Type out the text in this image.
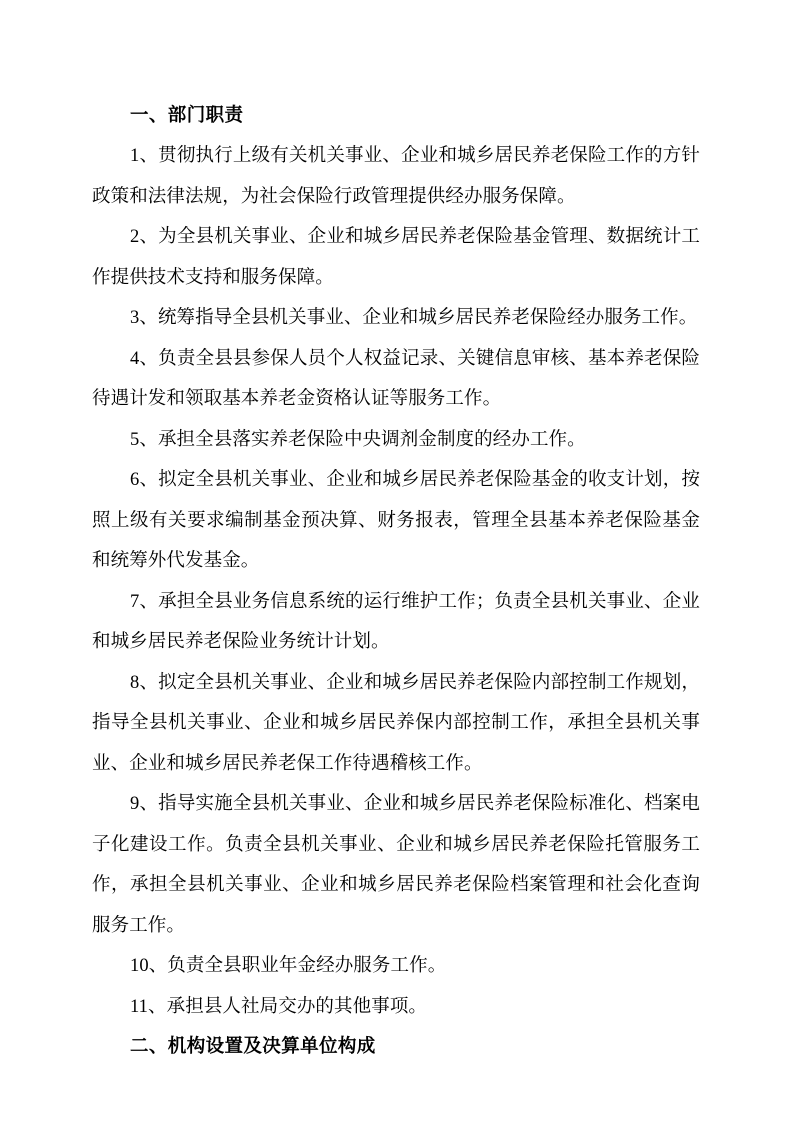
一、部门职责

1、贯彻执行上级有关机关事业、企业和城乡居民养老保险工作的方针政策和法律法规，为社会保险行政管理提供经办服务保障。

2、为全县机关事业、企业和城乡居民养老保险基金管理、数据统计工作提供技术支持和服务保障。

3、统筹指导全县机关事业、企业和城乡居民养老保险经办服务工作。

4、负责全县县参保人员个人权益记录、关键信息审核、基本养老保险待遇计发和领取基本养老金资格认证等服务工作。

5、承担全县落实养老保险中央调剂金制度的经办工作。

6、拟定全县机关事业、企业和城乡居民养老保险基金的收支计划，按照上级有关要求编制基金预决算、财务报表，管理全县基本养老保险基金和统筹外代发基金。

7、承担全县业务信息系统的运行维护工作；负责全县机关事业、企业和城乡居民养老保险业务统计计划。

8、拟定全县机关事业、企业和城乡居民养老保险内部控制工作规划，指导全县机关事业、企业和城乡居民养保内部控制工作，承担全县机关事业、企业和城乡居民养老保工作待遇稽核工作。

9、指导实施全县机关事业、企业和城乡居民养老保险标准化、档案电子化建设工作。负责全县机关事业、企业和城乡居民养老保险托管服务工作，承担全县机关事业、企业和城乡居民养老保险档案管理和社会化查询服务工作。

10、负责全县职业年金经办服务工作。

11、承担县人社局交办的其他事项。

二、机构设置及决算单位构成
